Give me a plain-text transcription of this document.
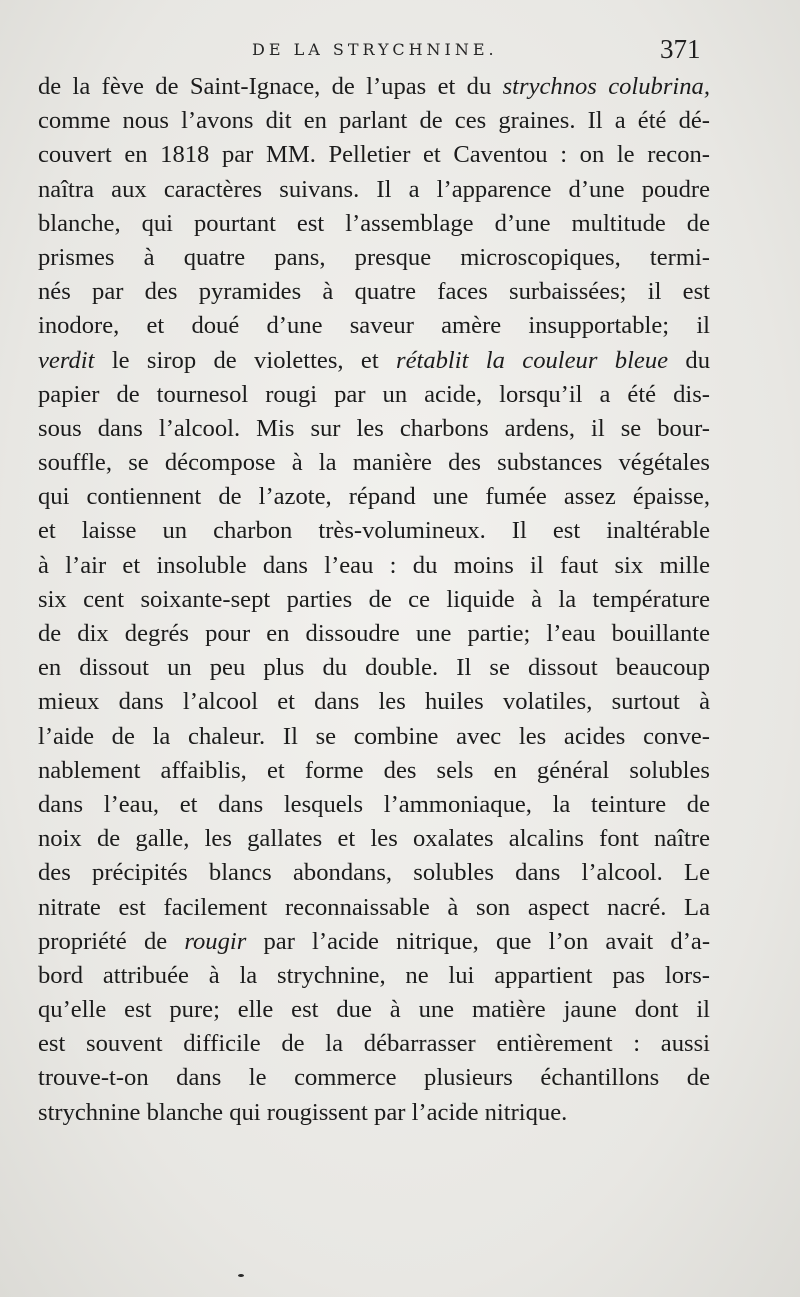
DE LA STRYCHNINE.	371
de la fève de Saint-Ignace, de l’upas et du strychnos colubrina,
comme nous l’avons dit en parlant de ces graines. Il a été dé-
couvert en 1818 par MM. Pelletier et Caventou : on le recon-
naîtra aux caractères suivans. Il a l’apparence d’une poudre
blanche, qui pourtant est l’assemblage d’une multitude de
prismes à quatre pans, presque microscopiques, termi-
nés par des pyramides à quatre faces surbaissées; il est
inodore, et doué d’une saveur amère insupportable; il
verdit le sirop de violettes, et rétablit la couleur bleue du
papier de tournesol rougi par un acide, lorsqu’il a été dis-
sous dans l’alcool. Mis sur les charbons ardens, il se bour-
souffle, se décompose à la manière des substances végétales
qui contiennent de l’azote, répand une fumée assez épaisse,
et laisse un charbon très-volumineux. Il est inaltérable
à l’air et insoluble dans l’eau : du moins il faut six mille
six cent soixante-sept parties de ce liquide à la température
de dix degrés pour en dissoudre une partie; l’eau bouillante
en dissout un peu plus du double. Il se dissout beaucoup
mieux dans l’alcool et dans les huiles volatiles, surtout à
l’aide de la chaleur. Il se combine avec les acides conve-
nablement affaiblis, et forme des sels en général solubles
dans l’eau, et dans lesquels l’ammoniaque, la teinture de
noix de galle, les gallates et les oxalates alcalins font naître
des précipités blancs abondans, solubles dans l’alcool. Le
nitrate est facilement reconnaissable à son aspect nacré. La
propriété de rougir par l’acide nitrique, que l’on avait d’a-
bord attribuée à la strychnine, ne lui appartient pas lors-
qu’elle est pure; elle est due à une matière jaune dont il
est souvent difficile de la débarrasser entièrement : aussi
trouve-t-on dans le commerce plusieurs échantillons de
strychnine blanche qui rougissent par l’acide nitrique.
